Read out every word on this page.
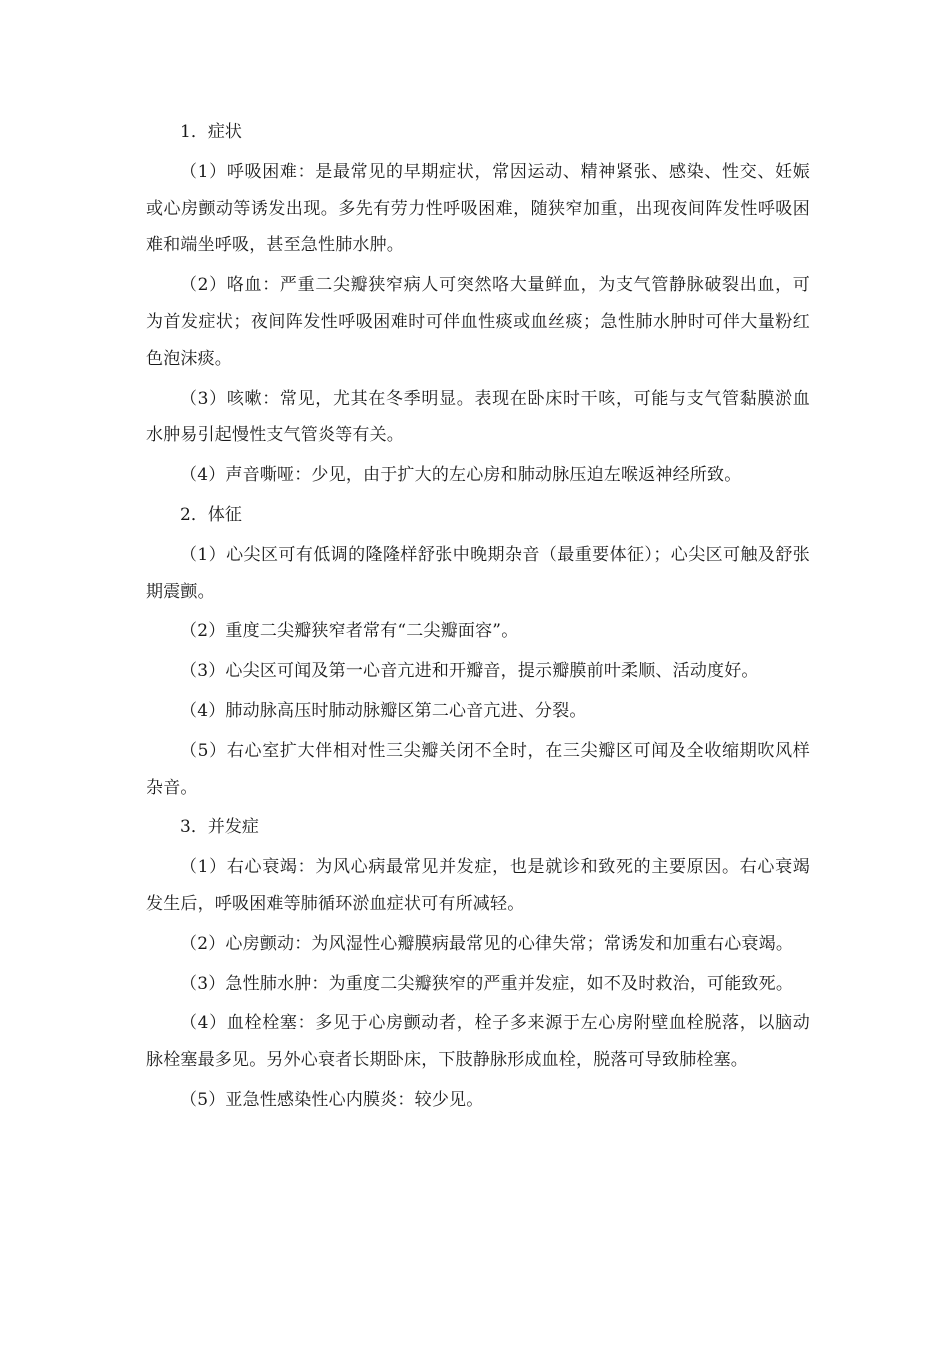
1．症状

（1）呼吸困难：是最常见的早期症状，常因运动、精神紧张、感染、性交、妊娠或心房颤动等诱发出现。多先有劳力性呼吸困难，随狭窄加重，出现夜间阵发性呼吸困难和端坐呼吸，甚至急性肺水肿。

（2）咯血：严重二尖瓣狭窄病人可突然咯大量鲜血，为支气管静脉破裂出血，可为首发症状；夜间阵发性呼吸困难时可伴血性痰或血丝痰；急性肺水肿时可伴大量粉红色泡沫痰。

（3）咳嗽：常见，尤其在冬季明显。表现在卧床时干咳，可能与支气管黏膜淤血水肿易引起慢性支气管炎等有关。

（4）声音嘶哑：少见，由于扩大的左心房和肺动脉压迫左喉返神经所致。

2．体征

（1）心尖区可有低调的隆隆样舒张中晚期杂音（最重要体征）；心尖区可触及舒张期震颤。

（2）重度二尖瓣狭窄者常有“二尖瓣面容”。

（3）心尖区可闻及第一心音亢进和开瓣音，提示瓣膜前叶柔顺、活动度好。

（4）肺动脉高压时肺动脉瓣区第二心音亢进、分裂。

（5）右心室扩大伴相对性三尖瓣关闭不全时，在三尖瓣区可闻及全收缩期吹风样杂音。

3．并发症

（1）右心衰竭：为风心病最常见并发症，也是就诊和致死的主要原因。右心衰竭发生后，呼吸困难等肺循环淤血症状可有所减轻。

（2）心房颤动：为风湿性心瓣膜病最常见的心律失常；常诱发和加重右心衰竭。

（3）急性肺水肿：为重度二尖瓣狭窄的严重并发症，如不及时救治，可能致死。

（4）血栓栓塞：多见于心房颤动者，栓子多来源于左心房附壁血栓脱落，以脑动脉栓塞最多见。另外心衰者长期卧床，下肢静脉形成血栓，脱落可导致肺栓塞。

（5）亚急性感染性心内膜炎：较少见。
